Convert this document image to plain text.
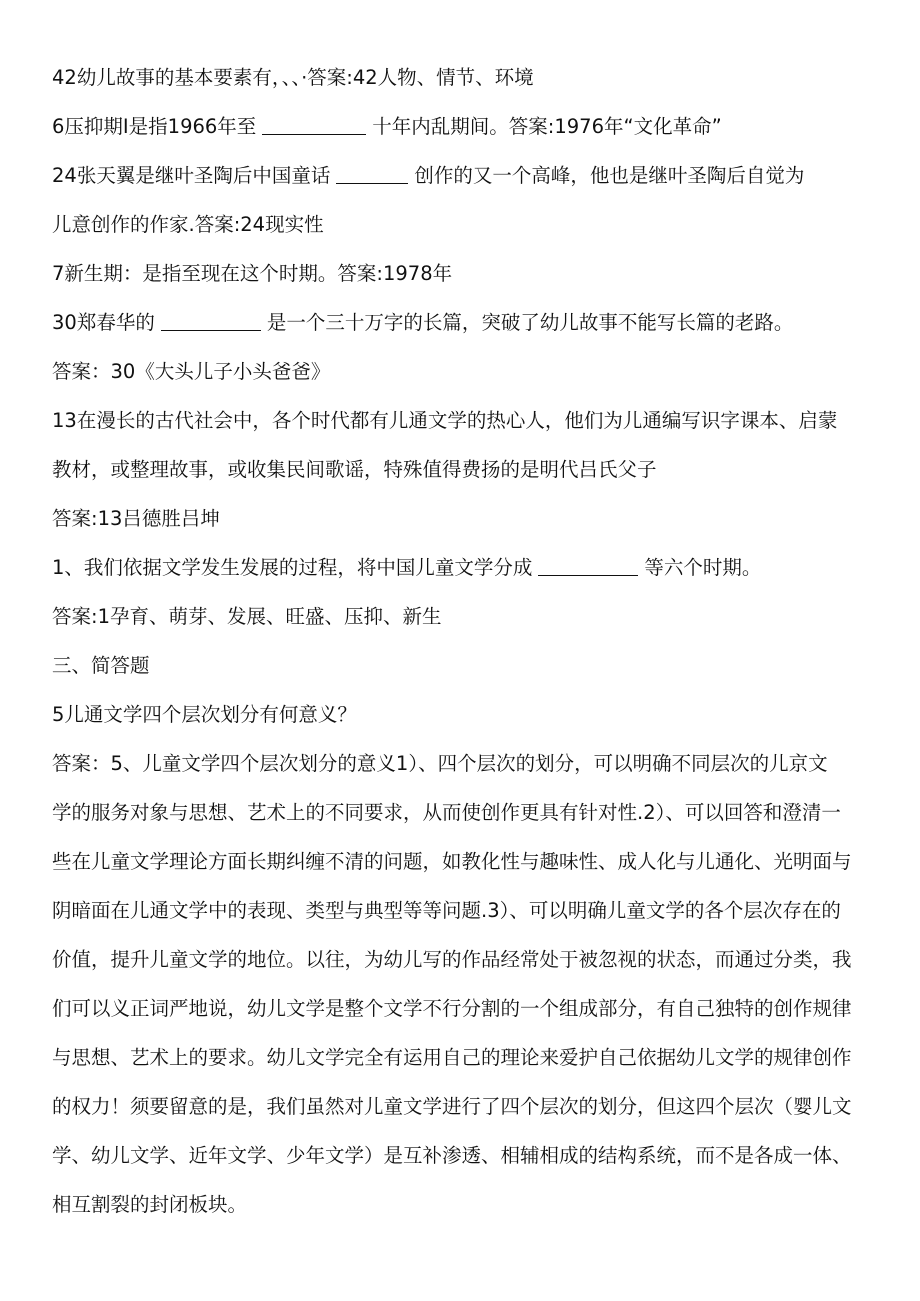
42幼儿故事的基本要素有，、、·答案:42人物、情节、环境
6压抑期I是指1966年至	十年内乱期间。答案:1976年“文化革命”
24张天翼是继叶圣陶后中国童话	创作的又一个高峰，他也是继叶圣陶后自觉为
儿意创作的作家.答案:24现实性
7新生期：是指至现在这个时期。答案:1978年
30郑春华的	是一个三十万字的长篇，突破了幼儿故事不能写长篇的老路。
答案：30《大头儿子小头爸爸》
13在漫长的古代社会中，各个时代都有儿通文学的热心人，他们为儿通编写识字课本、启蒙
教材，或整理故事，或收集民间歌谣，特殊值得费扬的是明代吕氏父子
答案:13吕德胜吕坤
1、我们依据文学发生发展的过程，将中国儿童文学分成	等六个时期。
答案:1孕育、萌芽、发展、旺盛、压抑、新生
三、简答题
5儿通文学四个层次划分有何意义？
答案：5、儿童文学四个层次划分的意义1）、四个层次的划分，可以明确不同层次的儿京文
学的服务对象与思想、艺术上的不同要求，从而使创作更具有针对性.2）、可以回答和澄清一
些在儿童文学理论方面长期纠缠不清的问题，如教化性与趣味性、成人化与儿通化、光明面与
阴暗面在儿通文学中的表现、类型与典型等等问题.3）、可以明确儿童文学的各个层次存在的
价值，提升儿童文学的地位。以往，为幼儿写的作品经常处于被忽视的状态，而通过分类，我
们可以义正词严地说，幼儿文学是整个文学不行分割的一个组成部分，有自己独特的创作规律
与思想、艺术上的要求。幼儿文学完全有运用自己的理论来爱护自己依据幼儿文学的规律创作
的权力！须要留意的是，我们虽然对儿童文学进行了四个层次的划分，但这四个层次（婴儿文
学、幼儿文学、近年文学、少年文学）是互补渗透、相辅相成的结构系统，而不是各成一体、
相互割裂的封闭板块。
